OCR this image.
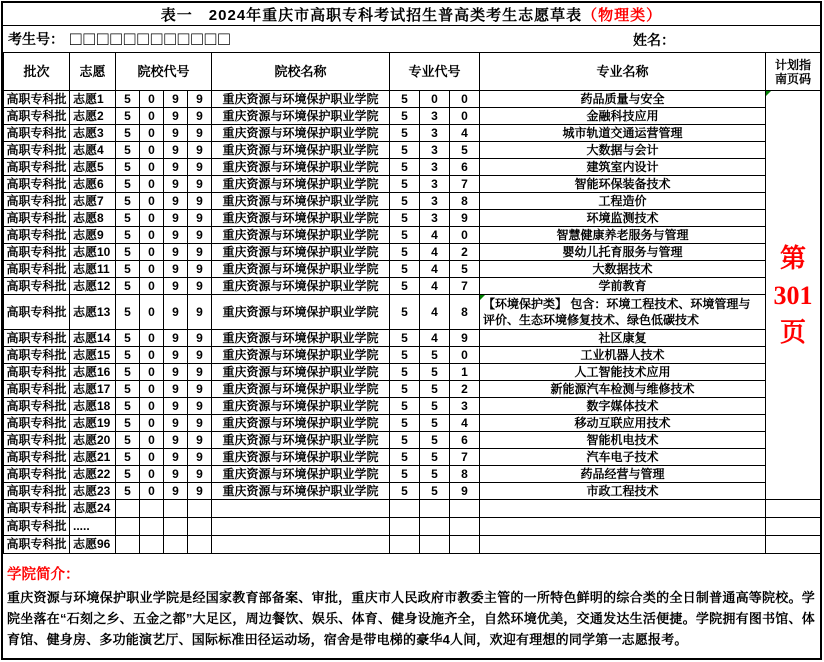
表一　2024年重庆市高职专科考试招生普高类考生志愿草表 （物理类）
考生号： □□□□□□□□□□□□	姓名：
批次	志愿	院校代号				院校名称	专业代号			专业名称	计划指
南页码
高职专科批	志愿1	5	0	9	9	重庆资源与环境保护职业学院	5	0	0	药品质量与安全	第
301
页

高职专科批	志愿2	5	0	9	9	重庆资源与环境保护职业学院	5	3	0	金融科技应用	
高职专科批	志愿3	5	0	9	9	重庆资源与环境保护职业学院	5	3	4	城市轨道交通运营管理	
高职专科批	志愿4	5	0	9	9	重庆资源与环境保护职业学院	5	3	5	大数据与会计	
高职专科批	志愿5	5	0	9	9	重庆资源与环境保护职业学院	5	3	6	建筑室内设计	
高职专科批	志愿6	5	0	9	9	重庆资源与环境保护职业学院	5	3	7	智能环保装备技术	
高职专科批	志愿7	5	0	9	9	重庆资源与环境保护职业学院	5	3	8	工程造价	
高职专科批	志愿8	5	0	9	9	重庆资源与环境保护职业学院	5	3	9	环境监测技术	
高职专科批	志愿9	5	0	9	9	重庆资源与环境保护职业学院	5	4	0	智慧健康养老服务与管理	
高职专科批	志愿10	5	0	9	9	重庆资源与环境保护职业学院	5	4	2	婴幼儿托育服务与管理	
高职专科批	志愿11	5	0	9	9	重庆资源与环境保护职业学院	5	4	5	大数据技术	
高职专科批	志愿12	5	0	9	9	重庆资源与环境保护职业学院	5	4	7	学前教育	
高职专科批	志愿13	5	0	9	9	重庆资源与环境保护职业学院	5	4	8	【环境保护类】 包含：环境工程技术、环境管理与评价、生态环境修复技术、绿色低碳技术	

高职专科批	志愿14	5	0	9	9	重庆资源与环境保护职业学院	5	4	9	社区康复	
高职专科批	志愿15	5	0	9	9	重庆资源与环境保护职业学院	5	5	0	工业机器人技术	
高职专科批	志愿16	5	0	9	9	重庆资源与环境保护职业学院	5	5	1	人工智能技术应用	
高职专科批	志愿17	5	0	9	9	重庆资源与环境保护职业学院	5	5	2	新能源汽车检测与维修技术	
高职专科批	志愿18	5	0	9	9	重庆资源与环境保护职业学院	5	5	3	数字媒体技术	
高职专科批	志愿19	5	0	9	9	重庆资源与环境保护职业学院	5	5	4	移动互联应用技术	
高职专科批	志愿20	5	0	9	9	重庆资源与环境保护职业学院	5	5	6	智能机电技术	
高职专科批	志愿21	5	0	9	9	重庆资源与环境保护职业学院	5	5	7	汽车电子技术	
高职专科批	志愿22	5	0	9	9	重庆资源与环境保护职业学院	5	5	8	药品经营与管理	
高职专科批	志愿23	5	0	9	9	重庆资源与环境保护职业学院	5	5	9	市政工程技术	
高职专科批	志愿24										
高职专科批	.....										
高职专科批	志愿96										
学院简介：
重庆资源与环境保护职业学院是经国家教育部备案、审批，重庆市人民政府市教委主管的一所特色鲜明的综合类的全日制普通高等院校。学院坐落在“石刻之乡、五金之都”大足区，周边餐饮、娱乐、体育、健身设施齐全，自然环境优美，交通发达生活便捷。学院拥有图书馆、体育馆、健身房、多功能演艺厅、国际标准田径运动场，宿舍是带电梯的豪华4人间，欢迎有理想的同学第一志愿报考。
